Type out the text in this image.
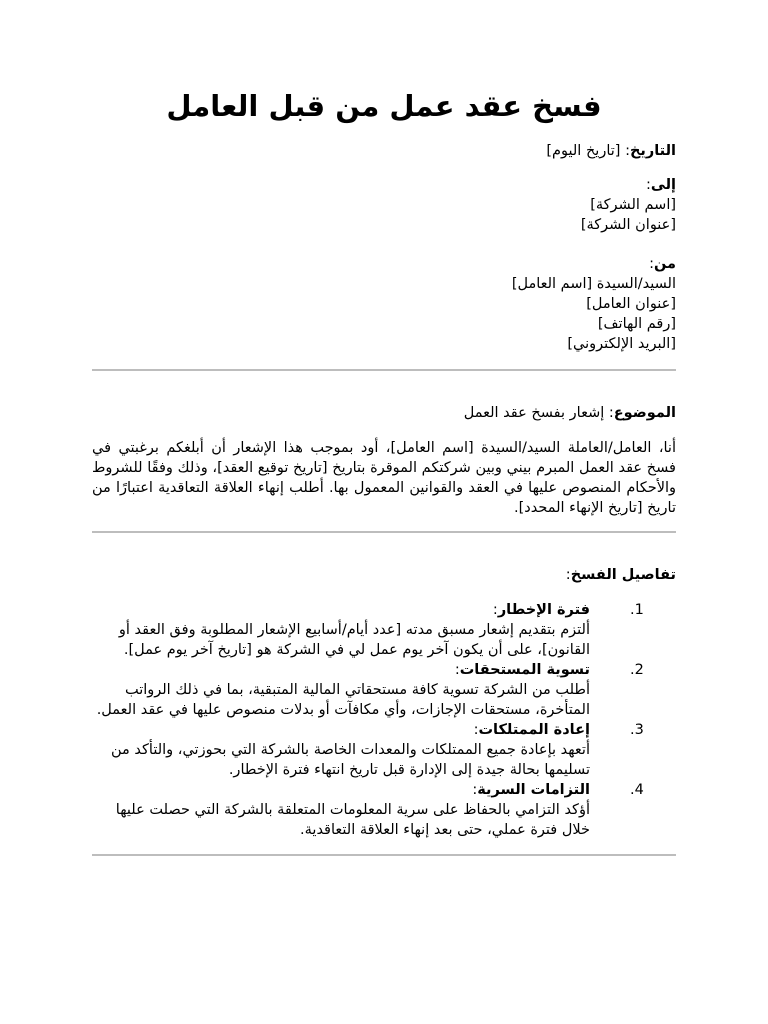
فسخ عقد عمل من قبل العامل

التاريخ: [تاريخ اليوم]

إلى:

[اسم الشركة]

[عنوان الشركة]

من:

السيد/السيدة [اسم العامل]

[عنوان العامل]

[رقم الهاتف]

[البريد الإلكتروني]

الموضوع: إشعار بفسخ عقد العمل

أنا، العامل/العاملة السيد/السيدة [اسم العامل]، أود بموجب هذا الإشعار أن أبلغكم برغبتي في فسخ عقد العمل المبرم بيني وبين شركتكم الموقرة بتاريخ [تاريخ توقيع العقد]، وذلك وفقًا للشروط والأحكام المنصوص عليها في العقد والقوانين المعمول بها. أطلب إنهاء العلاقة التعاقدية اعتبارًا من تاريخ [تاريخ الإنهاء المحدد].

تفاصيل الفسخ:

1.
فترة الإخطار:
ألتزم بتقديم إشعار مسبق مدته [عدد أيام/أسابيع الإشعار المطلوبة وفق العقد أو القانون]، على أن يكون آخر يوم عمل لي في الشركة هو [تاريخ آخر يوم عمل].
2.
تسوية المستحقات:
أطلب من الشركة تسوية كافة مستحقاتي المالية المتبقية، بما في ذلك الرواتب المتأخرة، مستحقات الإجازات، وأي مكافآت أو بدلات منصوص عليها في عقد العمل.
3.
إعادة الممتلكات:
أتعهد بإعادة جميع الممتلكات والمعدات الخاصة بالشركة التي بحوزتي، والتأكد من تسليمها بحالة جيدة إلى الإدارة قبل تاريخ انتهاء فترة الإخطار.
4.
التزامات السرية:
أؤكد التزامي بالحفاظ على سرية المعلومات المتعلقة بالشركة التي حصلت عليها خلال فترة عملي، حتى بعد إنهاء العلاقة التعاقدية.
